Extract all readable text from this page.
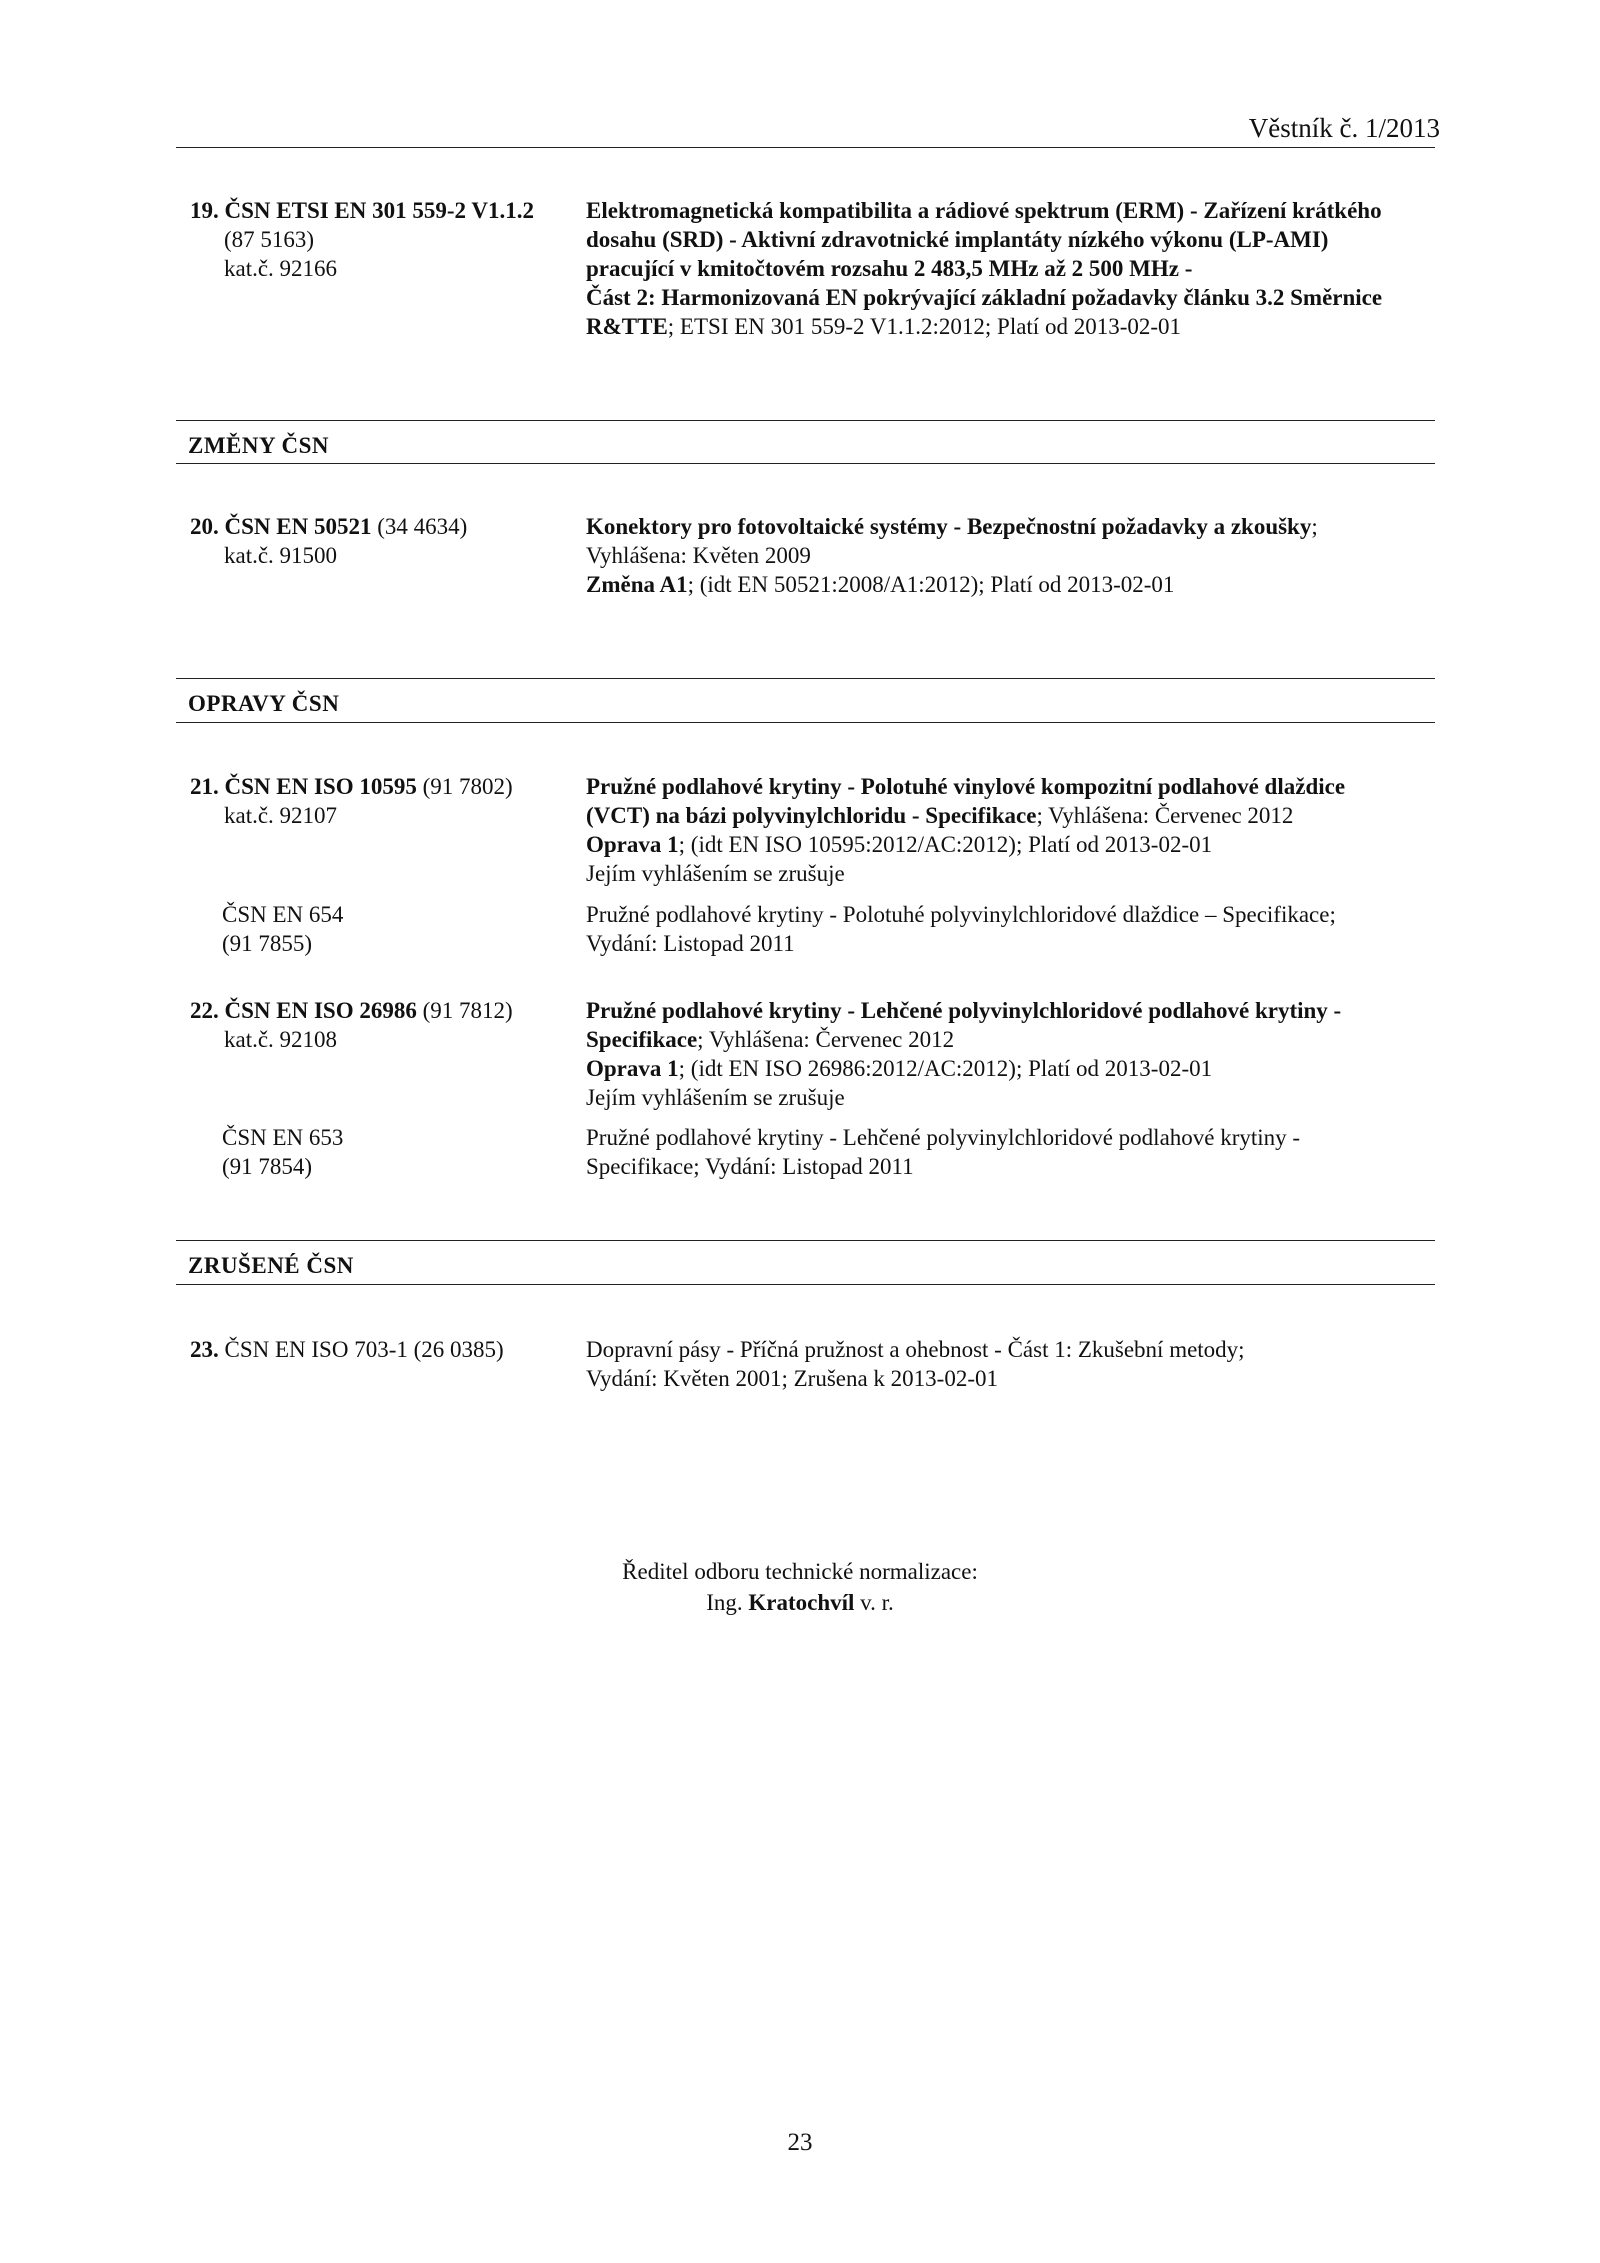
Věstník č. 1/2013
19. ČSN ETSI EN 301 559-2 V1.1.2
(87 5163)
kat.č. 92166
Elektromagnetická kompatibilita a rádiové spektrum (ERM) - Zařízení krátkého
dosahu (SRD) - Aktivní zdravotnické implantáty nízkého výkonu (LP-AMI)
pracující v kmitočtovém rozsahu 2 483,5 MHz až 2 500 MHz -
Část 2: Harmonizovaná EN pokrývající základní požadavky článku 3.2 Směrnice
R&TTE; ETSI EN 301 559-2 V1.1.2:2012; Platí od 2013-02-01
ZMĚNY ČSN
20. ČSN EN 50521 (34 4634)
kat.č. 91500
Konektory pro fotovoltaické systémy - Bezpečnostní požadavky a zkoušky;
Vyhlášena: Květen 2009
Změna A1; (idt EN 50521:2008/A1:2012); Platí od 2013-02-01
OPRAVY ČSN
21. ČSN EN ISO 10595 (91 7802)
kat.č. 92107
Pružné podlahové krytiny - Polotuhé vinylové kompozitní podlahové dlaždice
(VCT) na bázi polyvinylchloridu - Specifikace; Vyhlášena: Červenec 2012
Oprava 1; (idt EN ISO 10595:2012/AC:2012); Platí od 2013-02-01
Jejím vyhlášením se zrušuje
ČSN EN 654
(91 7855)
Pružné podlahové krytiny - Polotuhé polyvinylchloridové dlaždice – Specifikace;
Vydání: Listopad 2011
22. ČSN EN ISO 26986 (91 7812)
kat.č. 92108
Pružné podlahové krytiny - Lehčené polyvinylchloridové podlahové krytiny -
Specifikace; Vyhlášena: Červenec 2012
Oprava 1; (idt EN ISO 26986:2012/AC:2012); Platí od 2013-02-01
Jejím vyhlášením se zrušuje
ČSN EN 653
(91 7854)
Pružné podlahové krytiny - Lehčené polyvinylchloridové podlahové krytiny -
Specifikace; Vydání: Listopad 2011
ZRUŠENÉ ČSN
23. ČSN EN ISO 703-1 (26 0385)	Dopravní pásy - Příčná pružnost a ohebnost - Část 1: Zkušební metody;
Vydání: Květen 2001; Zrušena k 2013-02-01
Ředitel odboru technické normalizace:
Ing. Kratochvíl v. r.
23
